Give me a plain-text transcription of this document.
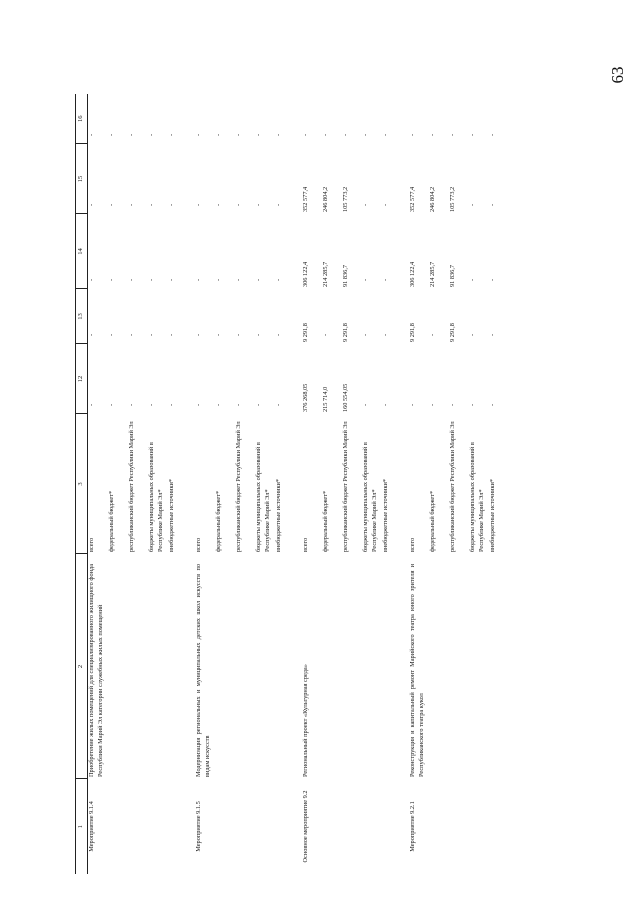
63
1	2	3	12	13	14	15	16
Мероприятие 9.1.4	Приобретение жилых помещений для специализированного жилищного фонда Республики Марий Эл категории служебных жилых помещений	всего	-	-	-	-	-
		федеральный бюджет*	-	-	-	-	-
		республиканский бюджет Республики Марий Эл	-	-	-	-	-
		бюджеты муниципальных образований в Республике Марий Эл*	-	-	-	-	-
		внебюджетные источники*	-	-	-	-	-
Мероприятие 9.1.5	Модернизация региональных и муниципальных детских школ искусств по видам искусств	всего	-	-	-	-	-
		федеральный бюджет*	-	-	-	-	-
		республиканский бюджет Республики Марий Эл	-	-	-	-	-
		бюджеты муниципальных образований в Республике Марий Эл*	-	-	-	-	-
		внебюджетные источники*	-	-	-	-	-
Основное мероприятие 9.2	Региональный проект «Культурная среда»	всего	376 268,05	9 291,8	306 122,4	352 577,4	-
		федеральный бюджет*	215 714,0	-	214 285,7	246 804,2	-
		республиканский бюджет Республики Марий Эл	160 554,05	9 291,8	91 836,7	105 773,2	-
		бюджеты муниципальных образований в Республике Марий Эл*	-	-	-	-	-
		внебюджетные источники*	-	-	-	-	-
Мероприятие 9.2.1	Реконструкция и капитальный ремонт Марийского театра юного зрителя и Республиканского театра кукол	всего	-	9 291,8	306 122,4	352 577,4	-
		федеральный бюджет*	-	-	214 285,7	246 804,2	-
		республиканский бюджет Республики Марий Эл	-	9 291,8	91 836,7	105 773,2	-
		бюджеты муниципальных образований в Республике Марий Эл*	-	-	-	-	-
		внебюджетные источники*	-	-	-	-	-
